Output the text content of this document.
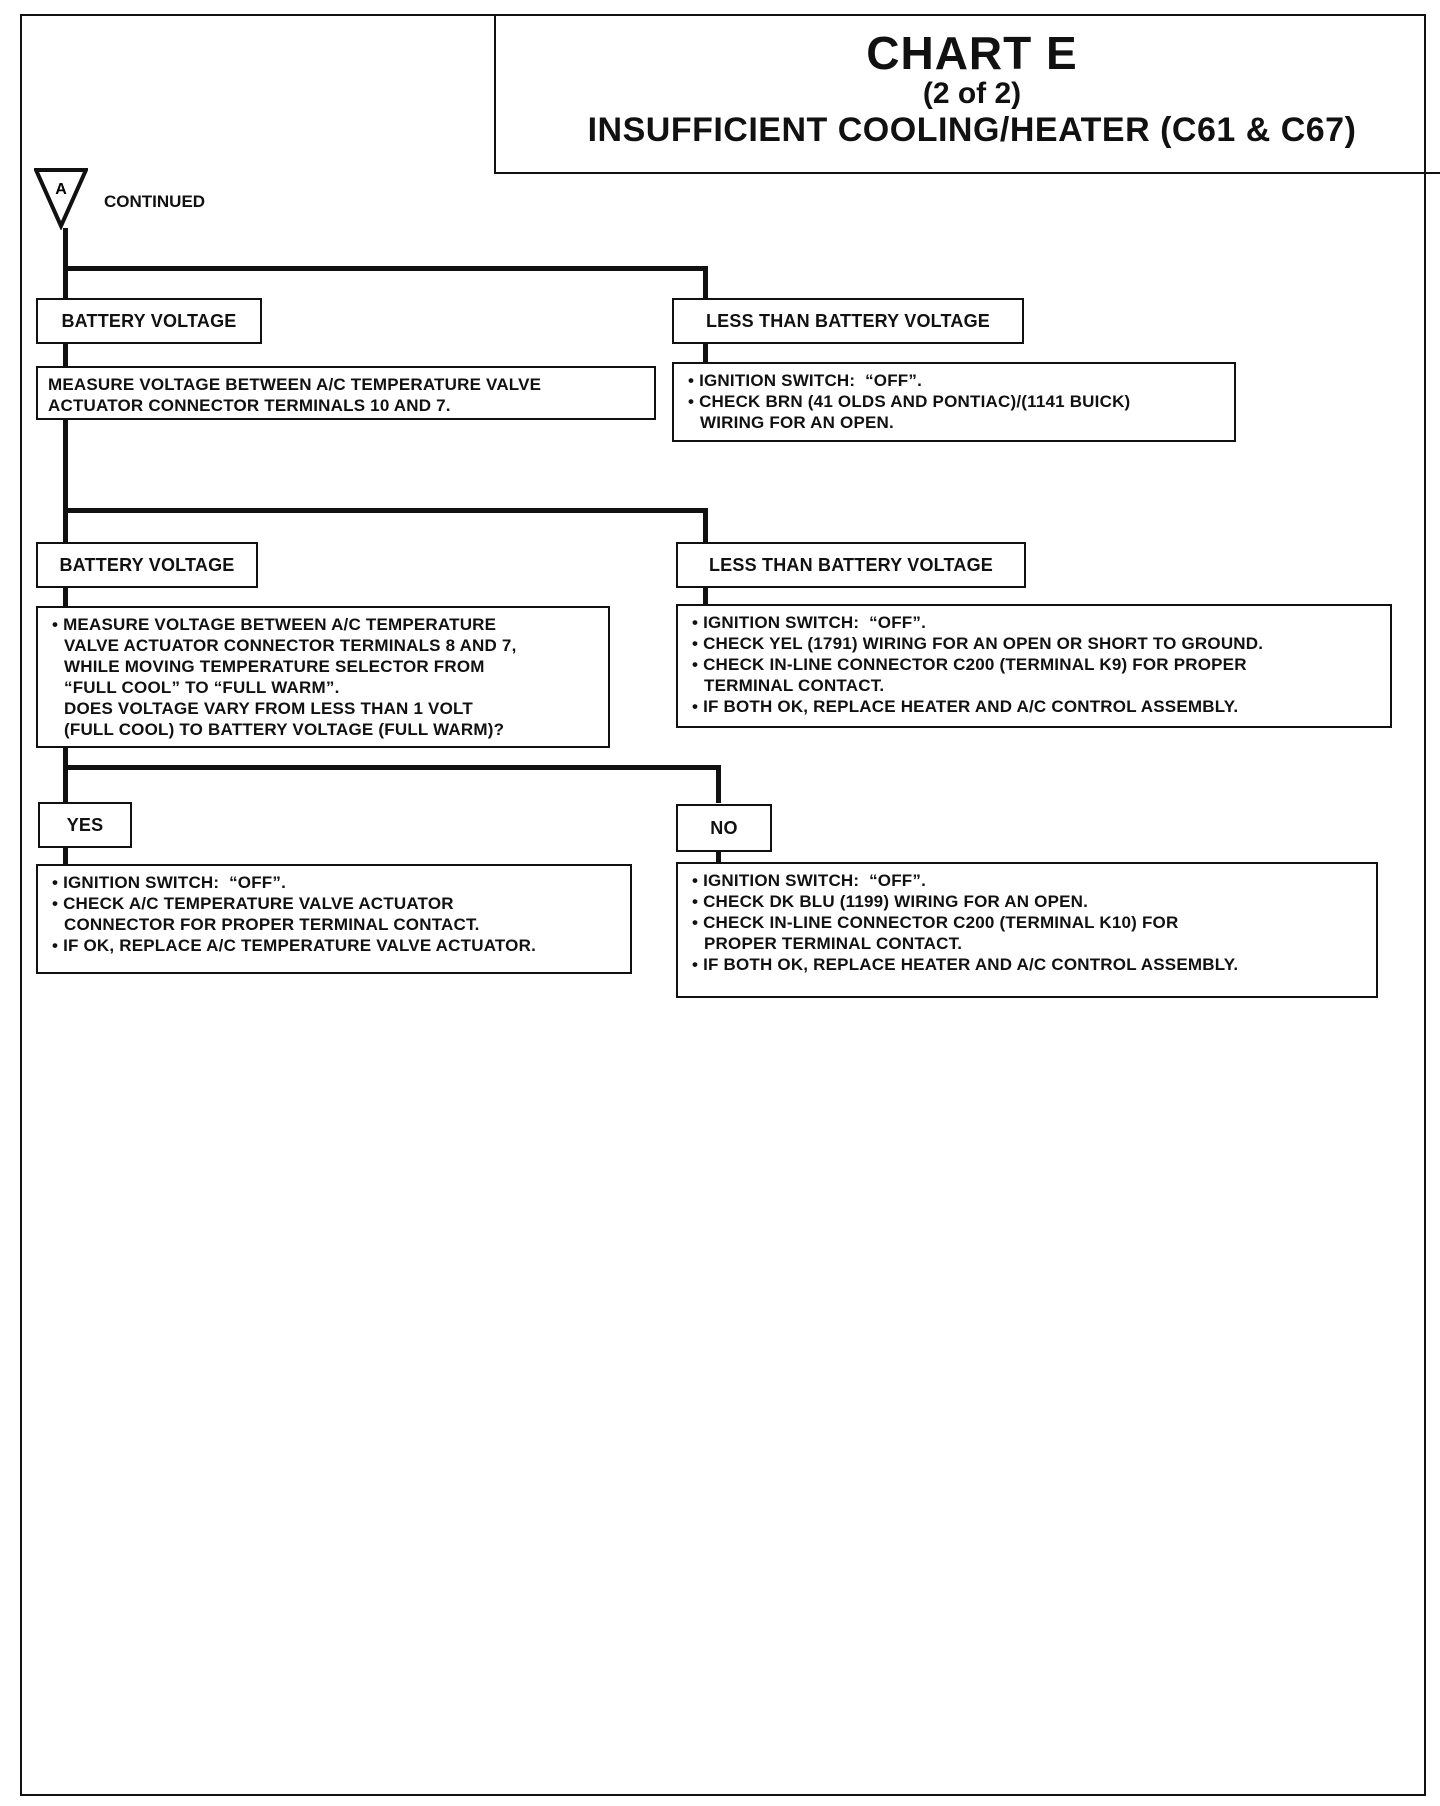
CHART E
(2 of 2)
INSUFFICIENT COOLING/HEATER (C61 & C67)
A
CONTINUED
BATTERY VOLTAGE	LESS THAN BATTERY VOLTAGE

MEASURE VOLTAGE BETWEEN A/C TEMPERATURE VALVE

ACTUATOR CONNECTOR TERMINALS 10 AND 7.

• IGNITION SWITCH:  “OFF”.

• CHECK BRN (41 OLDS AND PONTIAC)/(1141 BUICK)

WIRING FOR AN OPEN.

BATTERY VOLTAGE	LESS THAN BATTERY VOLTAGE

• MEASURE VOLTAGE BETWEEN A/C TEMPERATURE

VALVE ACTUATOR CONNECTOR TERMINALS 8 AND 7,

WHILE MOVING TEMPERATURE SELECTOR FROM

“FULL COOL” TO “FULL WARM”.

DOES VOLTAGE VARY FROM LESS THAN 1 VOLT

(FULL COOL) TO BATTERY VOLTAGE (FULL WARM)?

• IGNITION SWITCH:  “OFF”.

• CHECK YEL (1791) WIRING FOR AN OPEN OR SHORT TO GROUND.

• CHECK IN-LINE CONNECTOR C200 (TERMINAL K9) FOR PROPER

TERMINAL CONTACT.

• IF BOTH OK, REPLACE HEATER AND A/C CONTROL ASSEMBLY.

YES	NO

• IGNITION SWITCH:  “OFF”.

• CHECK A/C TEMPERATURE VALVE ACTUATOR

CONNECTOR FOR PROPER TERMINAL CONTACT.

• IF OK, REPLACE A/C TEMPERATURE VALVE ACTUATOR.

• IGNITION SWITCH:  “OFF”.

• CHECK DK BLU (1199) WIRING FOR AN OPEN.

• CHECK IN-LINE CONNECTOR C200 (TERMINAL K10) FOR

PROPER TERMINAL CONTACT.

• IF BOTH OK, REPLACE HEATER AND A/C CONTROL ASSEMBLY.
